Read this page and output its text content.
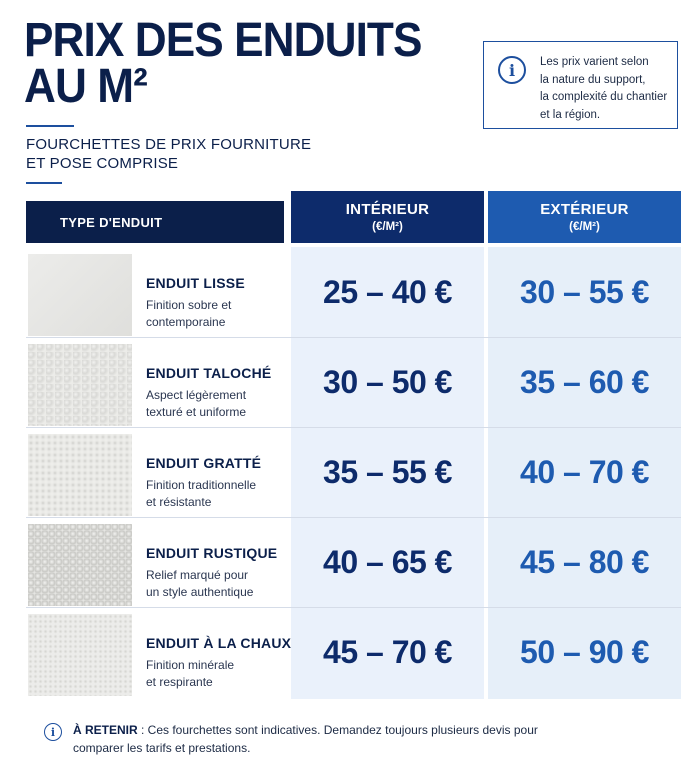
PRIX DES ENDUITS
AU M²
FOURCHETTES DE PRIX FOURNITURE
ET POSE COMPRISE
i	Les prix varient selon
la nature du support,
la complexité du chantier
et la région.
TYPE D'ENDUIT
INTÉRIEUR
(€/M²)
EXTÉRIEUR
(€/M²)
ENDUIT LISSE
Finition sobre et
contemporaine
25 – 40 €	30 – 55 €
ENDUIT TALOCHÉ
Aspect légèrement
texturé et uniforme
30 – 50 €	35 – 60 €
ENDUIT GRATTÉ
Finition traditionnelle
et résistante
35 – 55 €	40 – 70 €
ENDUIT RUSTIQUE
Relief marqué pour
un style authentique
40 – 65 €	45 – 80 €
ENDUIT À LA CHAUX
Finition minérale
et respirante
45 – 70 €	50 – 90 €
i	À RETENIR : Ces fourchettes sont indicatives. Demandez toujours plusieurs devis pour comparer les tarifs et prestations.
